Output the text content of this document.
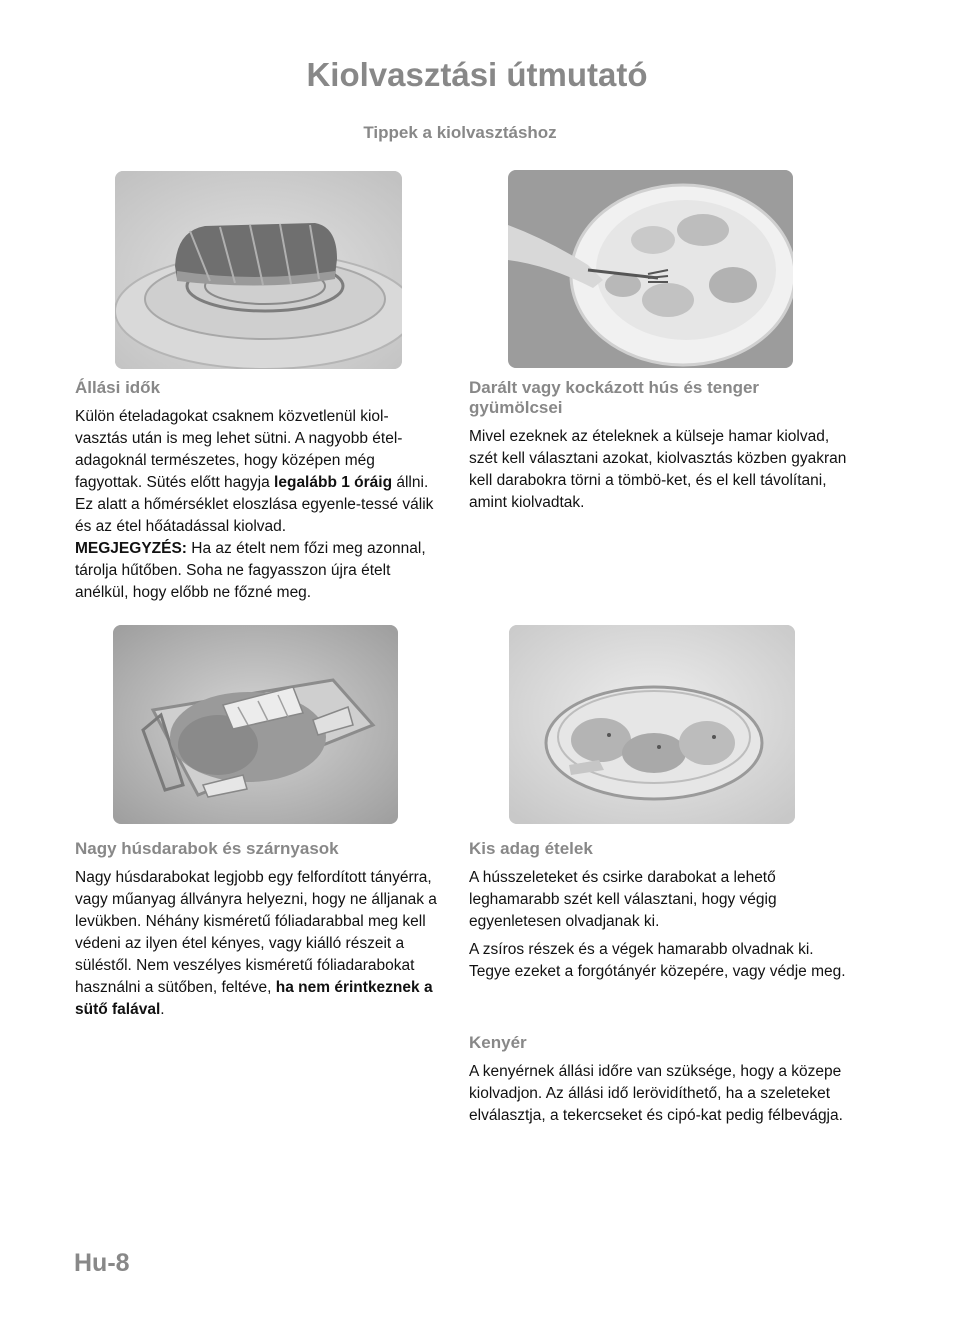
Kiolvasztási útmutató
Tippek a kiolvasztáshoz
Állási idők

Külön ételadagokat csaknem közvetlenül kiol-vasztás után is meg lehet sütni. A nagyobb étel-adagoknál természetes, hogy középen még fagyottak. Sütés előtt hagyja legalább 1 óráig állni. Ez alatt a hőmérséklet eloszlása egyenle-tessé válik és az étel hőátadással kiolvad.
MEGJEGYZÉS: Ha az ételt nem főzi meg azonnal, tárolja hűtőben. Soha ne fagyasszon újra ételt anélkül, hogy előbb ne főzné meg.

Darált vagy kockázott hús és tenger gyümölcsei

Mivel ezeknek az ételeknek a külseje hamar kiolvad, szét kell választani azokat, kiolvasztás közben gyakran kell darabokra törni a tömbö-ket, és el kell távolítani, amint kiolvadtak.

Nagy húsdarabok és szárnyasok

Nagy húsdarabokat legjobb egy felfordított tányérra, vagy műanyag állványra helyezni, hogy ne álljanak a levükben. Néhány kisméretű fóliadarabbal meg kell védeni az ilyen étel kényes, vagy kiálló részeit a süléstől. Nem veszélyes kisméretű fóliadarabokat használni a sütőben, feltéve, ha nem érintkeznek a sütő falával.

Kis adag ételek

A hússzeleteket és csirke darabokat a lehető leghamarabb szét kell választani, hogy végig egyenletesen olvadjanak ki.

A zsíros részek és a végek hamarabb olvadnak ki. Tegye ezeket a forgótányér közepére, vagy védje meg.

Kenyér

A kenyérnek állási időre van szüksége, hogy a közepe kiolvadjon. Az állási idő lerövidíthető, ha a szeleteket elválasztja, a tekercseket és cipó-kat pedig félbevágja.

Hu-8
